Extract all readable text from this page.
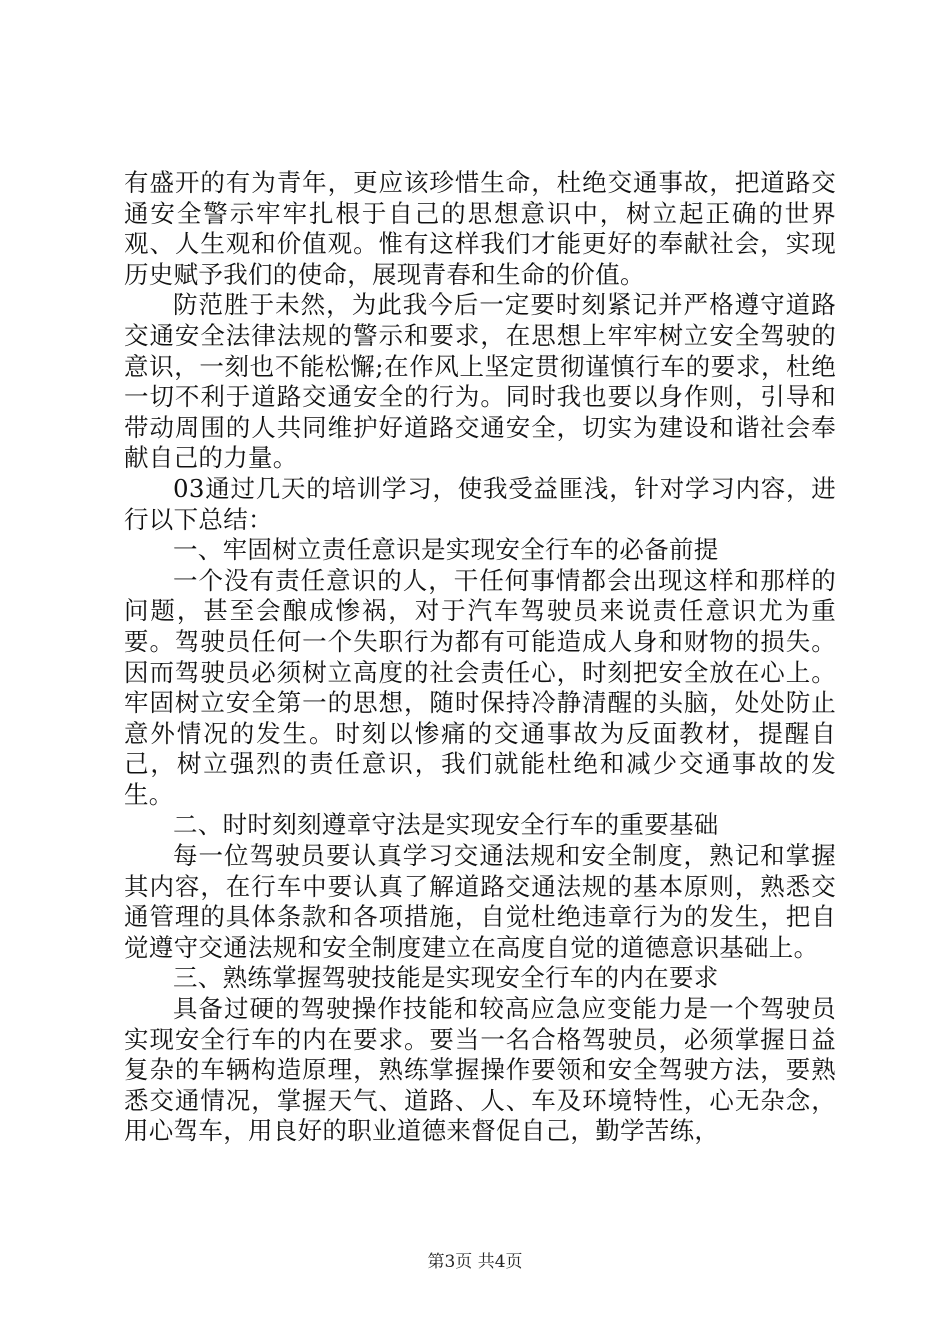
有盛开的有为青年，更应该珍惜生命，杜绝交通事故，把道路交通安全警示牢牢扎根于自己的思想意识中，树立起正确的世界观、人生观和价值观。惟有这样我们才能更好的奉献社会，实现历史赋予我们的使命，展现青春和生命的价值。

防范胜于未然，为此我今后一定要时刻紧记并严格遵守道路交通安全法律法规的警示和要求，在思想上牢牢树立安全驾驶的意识，一刻也不能松懈;在作风上坚定贯彻谨慎行车的要求，杜绝一切不利于道路交通安全的行为。同时我也要以身作则，引导和带动周围的人共同维护好道路交通安全，切实为建设和谐社会奉献自己的力量。

03通过几天的培训学习，使我受益匪浅，针对学习内容，进行以下总结：

一、牢固树立责任意识是实现安全行车的必备前提

一个没有责任意识的人，干任何事情都会出现这样和那样的问题，甚至会酿成惨祸，对于汽车驾驶员来说责任意识尤为重要。驾驶员任何一个失职行为都有可能造成人身和财物的损失。因而驾驶员必须树立高度的社会责任心，时刻把安全放在心上。牢固树立安全第一的思想，随时保持冷静清醒的头脑，处处防止意外情况的发生。时刻以惨痛的交通事故为反面教材，提醒自己，树立强烈的责任意识，我们就能杜绝和减少交通事故的发生。

二、时时刻刻遵章守法是实现安全行车的重要基础

每一位驾驶员要认真学习交通法规和安全制度，熟记和掌握其内容，在行车中要认真了解道路交通法规的基本原则，熟悉交通管理的具体条款和各项措施，自觉杜绝违章行为的发生，把自觉遵守交通法规和安全制度建立在高度自觉的道德意识基础上。

三、熟练掌握驾驶技能是实现安全行车的内在要求

具备过硬的驾驶操作技能和较高应急应变能力是一个驾驶员实现安全行车的内在要求。要当一名合格驾驶员，必须掌握日益复杂的车辆构造原理，熟练掌握操作要领和安全驾驶方法，要熟悉交通情况，掌握天气、道路、人、车及环境特性，心无杂念，用心驾车，用良好的职业道德来督促自己，勤学苦练，

第3页 共4页
